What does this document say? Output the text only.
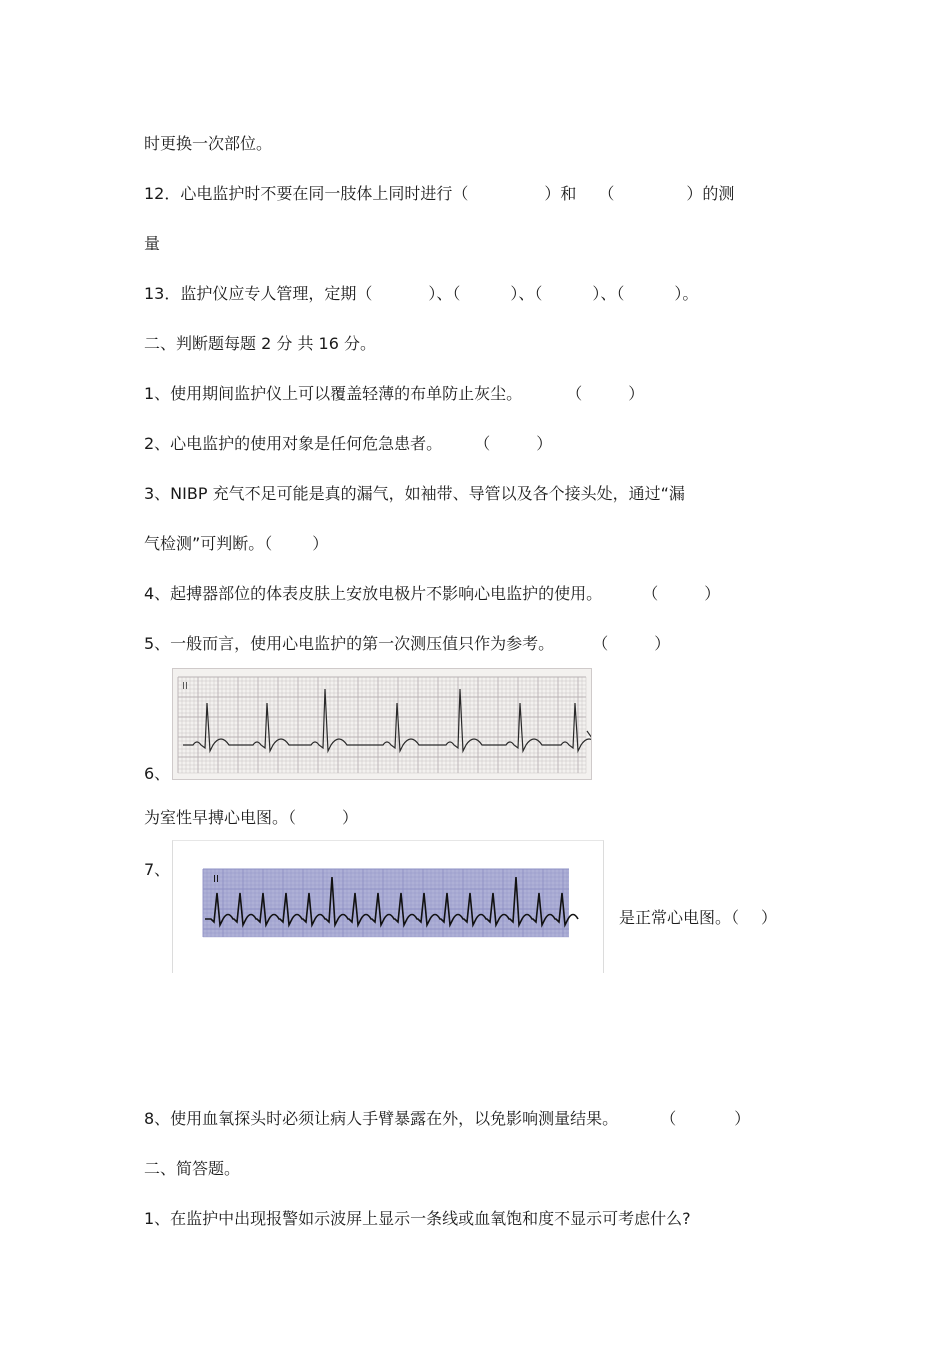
时更换一次部位。
12．心电监护时不要在同一肢体上同时进行（	）和 （	）的测
量
13．监护仪应专人管理，定期（	）、（	）、（	）、（	）。
二、判断题每题 2 分 共 16 分。
1、使用期间监护仪上可以覆盖轻薄的布单防止灰尘。	（	）
2、心电监护的使用对象是任何危急患者。 （	）
3、NIBP 充气不足可能是真的漏气，如袖带、导管以及各个接头处，通过“漏
气检测”可判断。（	）
4、起搏器部位的体表皮肤上安放电极片不影响心电监护的使用。	（	）
5、一般而言，使用心电监护的第一次测压值只作为参考。 （	）
6、
II
为室性早搏心电图。（	）
7、
II
是正常心电图。（ ）
8、使用血氧探头时必须让病人手臂暴露在外，以免影响测量结果。	（	）
二、简答题。
1、在监护中出现报警如示波屏上显示一条线或血氧饱和度不显示可考虑什么?
